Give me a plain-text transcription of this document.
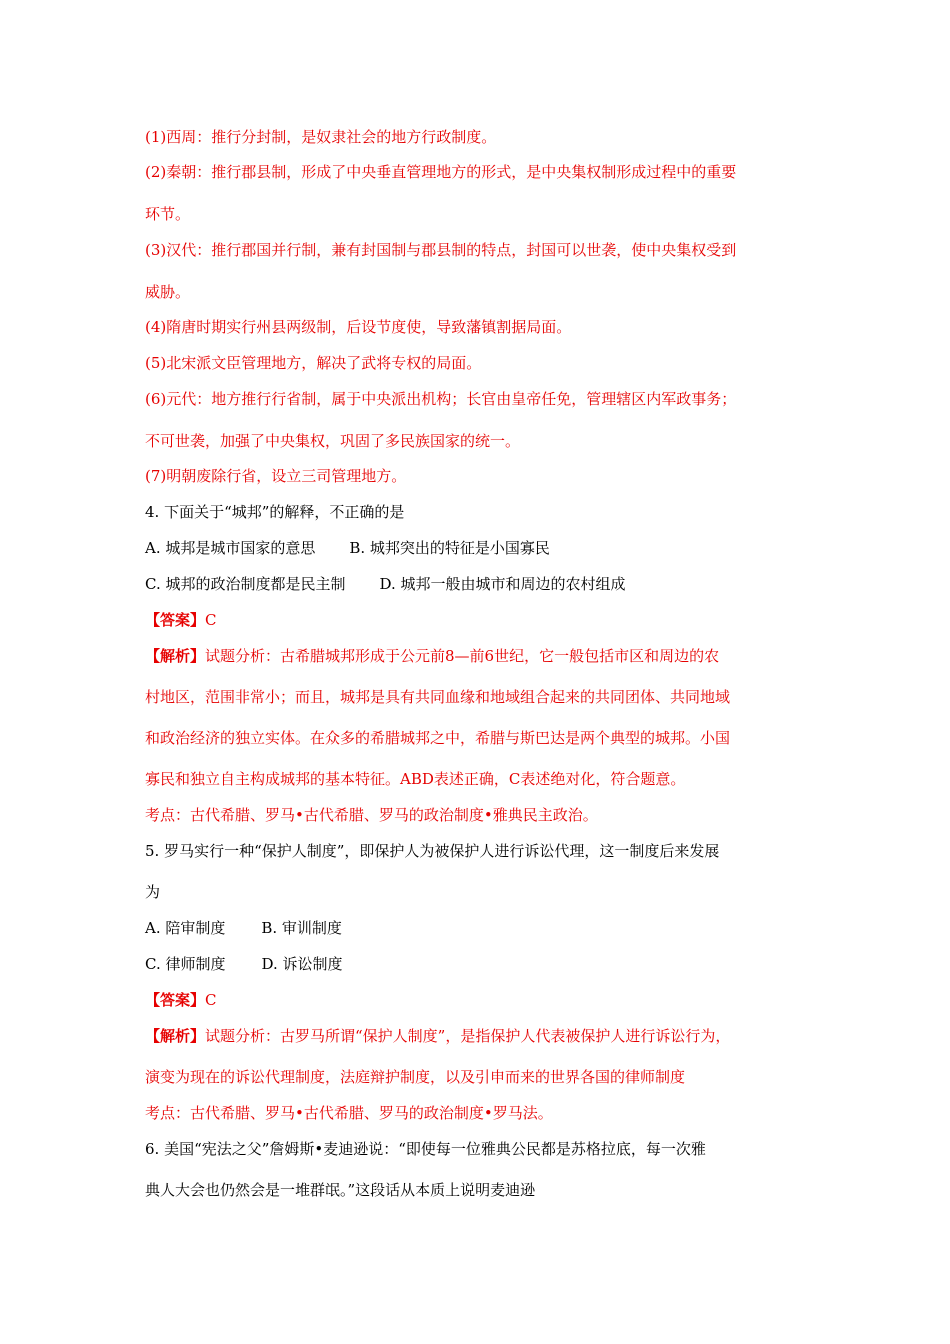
(1)西周：推行分封制，是奴隶社会的地方行政制度。
(2)秦朝：推行郡县制，形成了中央垂直管理地方的形式，是中央集权制形成过程中的重要
环节。
(3)汉代：推行郡国并行制，兼有封国制与郡县制的特点，封国可以世袭，使中央集权受到
威胁。
(4)隋唐时期实行州县两级制，后设节度使，导致藩镇割据局面。
(5)北宋派文臣管理地方，解决了武将专权的局面。
(6)元代：地方推行行省制，属于中央派出机构；长官由皇帝任免，管理辖区内军政事务；
不可世袭，加强了中央集权，巩固了多民族国家的统一。
(7)明朝废除行省，设立三司管理地方。
4. 下面关于“城邦”的解释，不正确的是
A. 城邦是城市国家的意思 B. 城邦突出的特征是小国寡民
C. 城邦的政治制度都是民主制 D. 城邦一般由城市和周边的农村组成
【答案】C
【解析】试题分析：古希腊城邦形成于公元前8—前6世纪，它一般包括市区和周边的农
村地区，范围非常小；而且，城邦是具有共同血缘和地域组合起来的共同团体、共同地域
和政治经济的独立实体。在众多的希腊城邦之中，希腊与斯巴达是两个典型的城邦。小国
寡民和独立自主构成城邦的基本特征。ABD表述正确，C表述绝对化，符合题意。
考点：古代希腊、罗马•古代希腊、罗马的政治制度•雅典民主政治。
5. 罗马实行一种“保护人制度”，即保护人为被保护人进行诉讼代理，这一制度后来发展
为
A. 陪审制度 B. 审训制度
C. 律师制度 D. 诉讼制度
【答案】C
【解析】试题分析：古罗马所谓“保护人制度”，是指保护人代表被保护人进行诉讼行为，
演变为现在的诉讼代理制度，法庭辩护制度，以及引申而来的世界各国的律师制度
考点：古代希腊、罗马•古代希腊、罗马的政治制度•罗马法。
6. 美国“宪法之父”詹姆斯•麦迪逊说：“即使每一位雅典公民都是苏格拉底，每一次雅
典人大会也仍然会是一堆群氓。”这段话从本质上说明麦迪逊
